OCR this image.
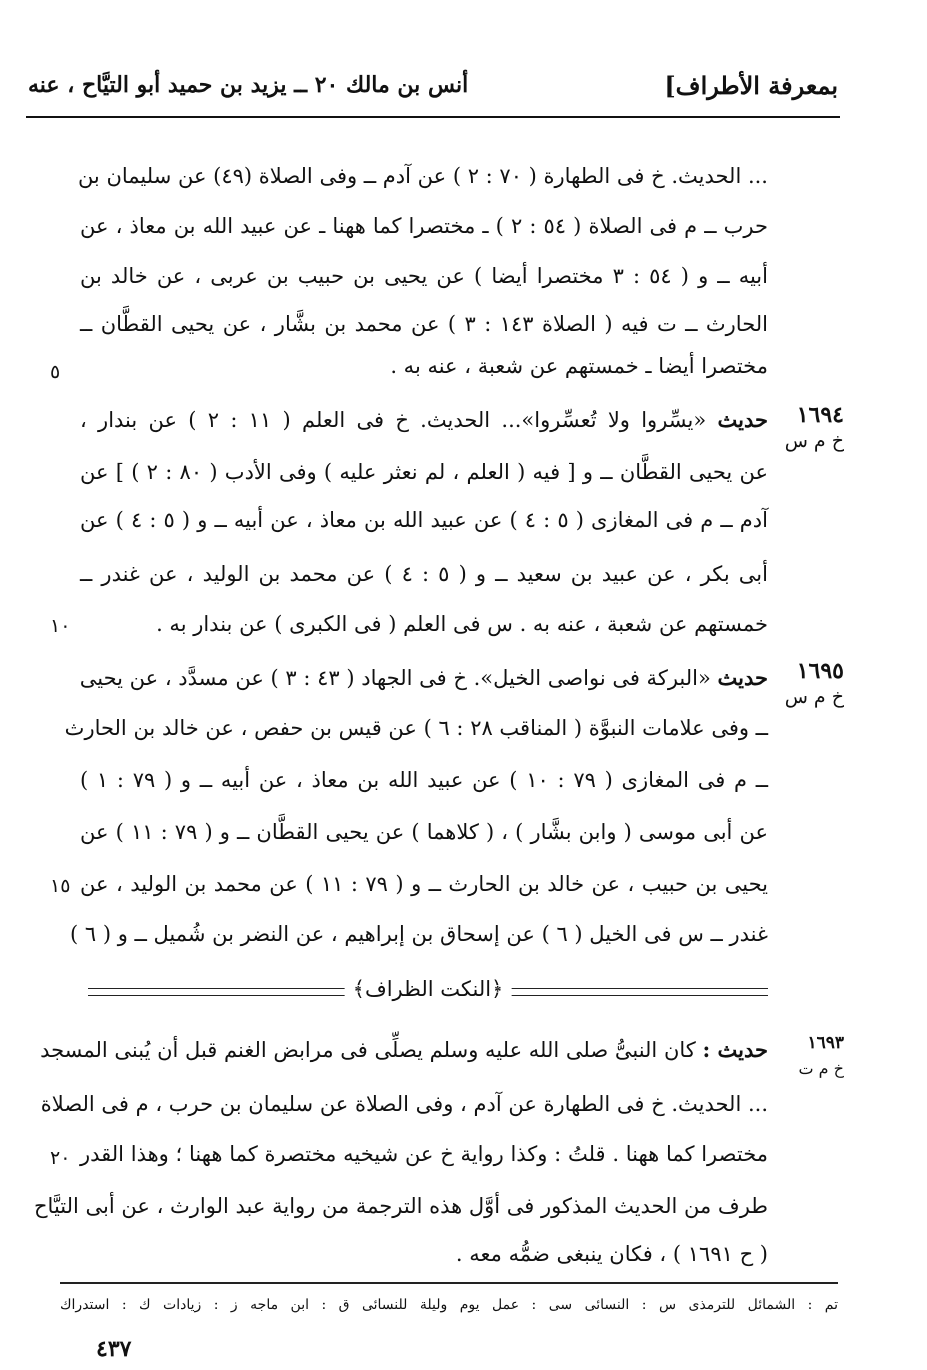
بمعرفة الأطراف]
أنس بن مالك ٢٠ ــ يزيد بن حميد أبو التيَّاح ، عنه
... الحديث. خ فى الطهارة ( ٧٠ : ٢ ) عن آدم ــ وفى الصلاة (٤٩) عن سليمان بن
حرب ــ م فى الصلاة ( ٥٤ : ٢ ) ـ مختصرا كما ههنا ـ عن عبيد الله بن معاذ ، عن
أبيه ــ و ( ٥٤ : ٣ مختصرا أيضا ) عن يحيى بن حبيب بن عربى ، عن خالد بن
الحارث ــ ت فيه ( الصلاة ١٤٣ : ٣ ) عن محمد بن بشَّار ، عن يحيى القطَّان ــ
مختصرا أيضا ـ خمستهم عن شعبة ، عنه به .
٥
١٦٩٤
خ م س
حديث «يسِّروا ولا تُعسِّروا»... الحديث. خ فى العلم ( ١١ : ٢ ) عن بندار ،
عن يحيى القطَّان ــ و [ فيه ( العلم ، لم نعثر عليه ) وفى الأدب ( ٨٠ : ٢ ) ] عن
آدم ــ م فى المغازى ( ٥ : ٤ ) عن عبيد الله بن معاذ ، عن أبيه ــ و ( ٥ : ٤ ) عن
أبى بكر ، عن عبيد بن سعيد ــ و ( ٥ : ٤ ) عن محمد بن الوليد ، عن غندر ــ
خمستهم عن شعبة ، عنه به . س فى العلم ( فى الكبرى ) عن بندار به .
١٠
١٦٩٥
خ م س
حديث «البركة فى نواصى الخيل». خ فى الجهاد ( ٤٣ : ٣ ) عن مسدَّد ، عن يحيى
ــ وفى علامات النبوَّة ( المناقب ٢٨ : ٦ ) عن قيس بن حفص ، عن خالد بن الحارث
ــ م فى المغازى ( ٧٩ : ١٠ ) عن عبيد الله بن معاذ ، عن أبيه ــ و ( ٧٩ : ١ )
عن أبى موسى ( وابن بشَّار ) ، ( كلاهما ) عن يحيى القطَّان ــ و ( ٧٩ : ١١ ) عن
يحيى بن حبيب ، عن خالد بن الحارث ــ و ( ٧٩ : ١١ ) عن محمد بن الوليد ، عن
١٥
غندر ــ س فى الخيل ( ٦ ) عن إسحاق بن إبراهيم ، عن النضر بن شُميل ــ و ( ٦ )
﴿النكت الظراف﴾
١٦٩٣
خ م ت
حديث : كان النبىُّ صلى الله عليه وسلم يصلِّى فى مرابض الغنم قبل أن يُبنى المسجد
... الحديث. خ فى الطهارة عن آدم ، وفى الصلاة عن سليمان بن حرب ، م فى الصلاة
مختصرا كما ههنا . قلتُ : وكذا رواية خ عن شيخيه مختصرة كما ههنا ؛ وهذا القدر
٢٠
طرف من الحديث المذكور فى أوَّل هذه الترجمة من رواية عبد الوارث ، عن أبى التيَّاح
( ح ١٦٩١ ) ، فكان ينبغى ضمُّه معه .
تم : الشمائل للترمذى س : النسائى سى : عمل يوم وليلة للنسائى ق : ابن ماجه ز : زيادات ك : استدراك
٤٣٧
